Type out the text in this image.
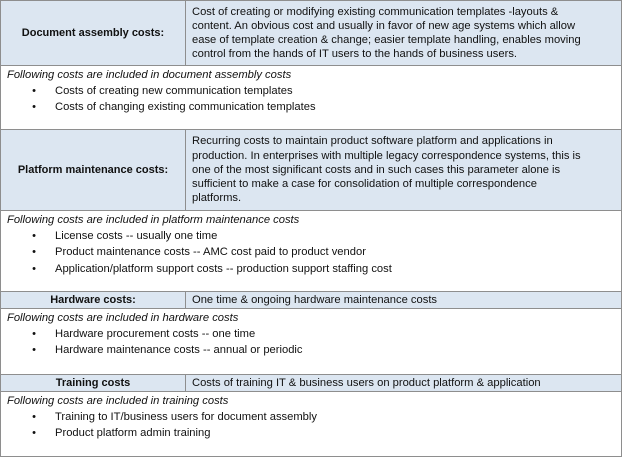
Document assembly costs:
Cost of creating or modifying existing communication templates -layouts &
content. An obvious cost and usually in favor of new age systems which allow
ease of template creation & change; easier template handling, enables moving
control from the hands of IT users to the hands of business users.

Following costs are included in document assembly costs

• Costs of creating new communication templates
• Costs of changing existing communication templates
Platform maintenance costs:
Recurring costs to maintain product software platform and applications in
production. In enterprises with multiple legacy correspondence systems, this is
one of the most significant costs and in such cases this parameter alone is
sufficient to make a case for consolidation of multiple correspondence
platforms.

Following costs are included in platform maintenance costs

• License costs -- usually one time
• Product maintenance costs -- AMC cost paid to product vendor
• Application/platform support costs -- production support staffing cost
Hardware costs:	One time & ongoing hardware maintenance costs

Following costs are included in hardware costs

• Hardware procurement costs -- one time
• Hardware maintenance costs -- annual or periodic
Training costs	Costs of training IT & business users on product platform & application

Following costs are included in training costs

• Training to IT/business users for document assembly
• Product platform admin training
